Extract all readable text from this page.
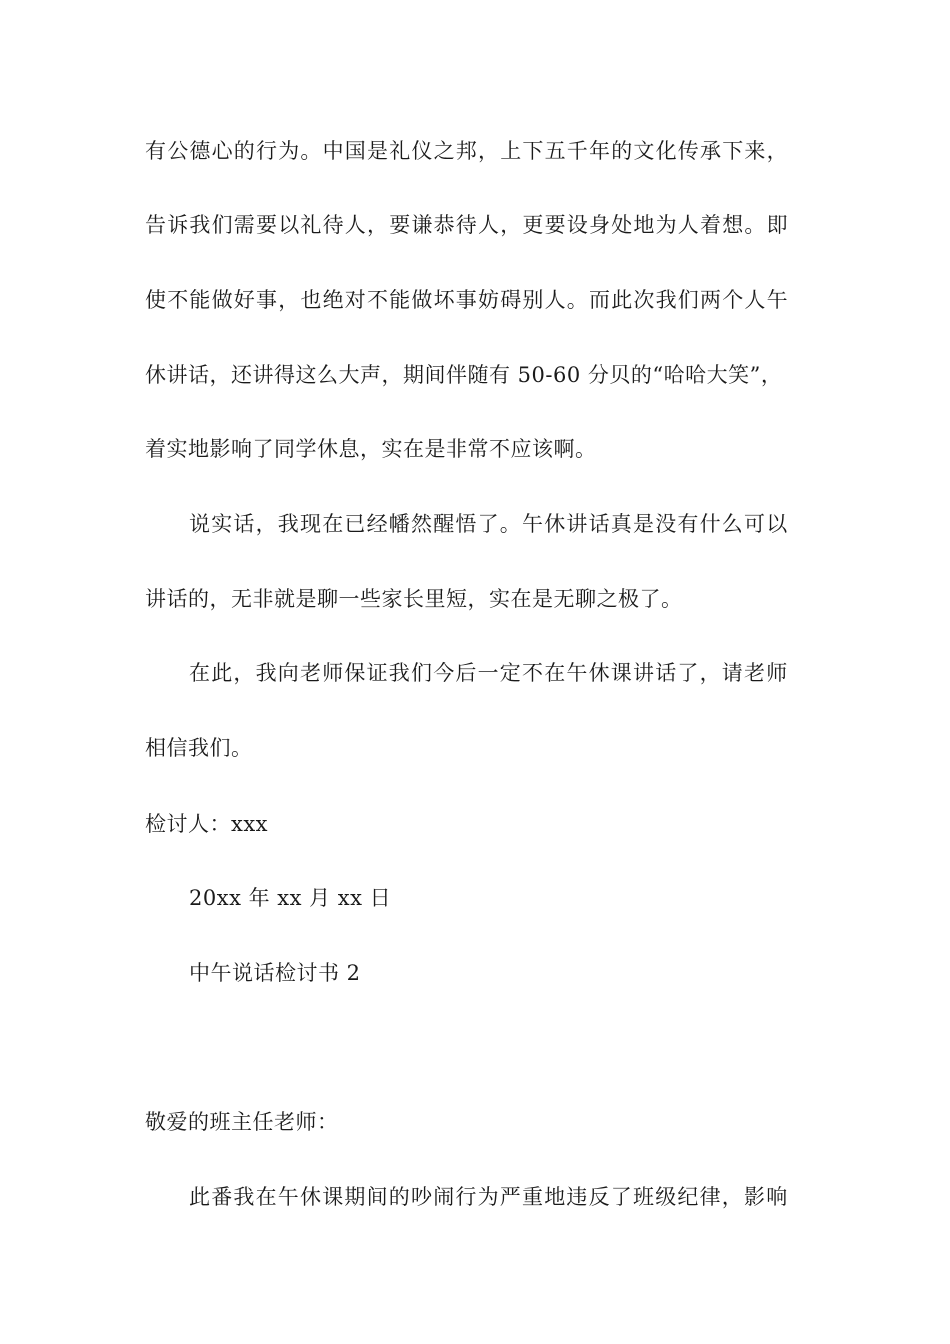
有公德心的行为。中国是礼仪之邦，上下五千年的文化传承下来，
告诉我们需要以礼待人，要谦恭待人，更要设身处地为人着想。即
使不能做好事，也绝对不能做坏事妨碍别人。而此次我们两个人午
休讲话，还讲得这么大声，期间伴随有 50-60 分贝的“哈哈大笑”，
着实地影响了同学休息，实在是非常不应该啊。
说实话，我现在已经幡然醒悟了。午休讲话真是没有什么可以
讲话的，无非就是聊一些家长里短，实在是无聊之极了。
在此，我向老师保证我们今后一定不在午休课讲话了，请老师
相信我们。
检讨人：xxx
20xx 年 xx 月 xx 日
中午说话检讨书 2
敬爱的班主任老师：
此番我在午休课期间的吵闹行为严重地违反了班级纪律，影响
